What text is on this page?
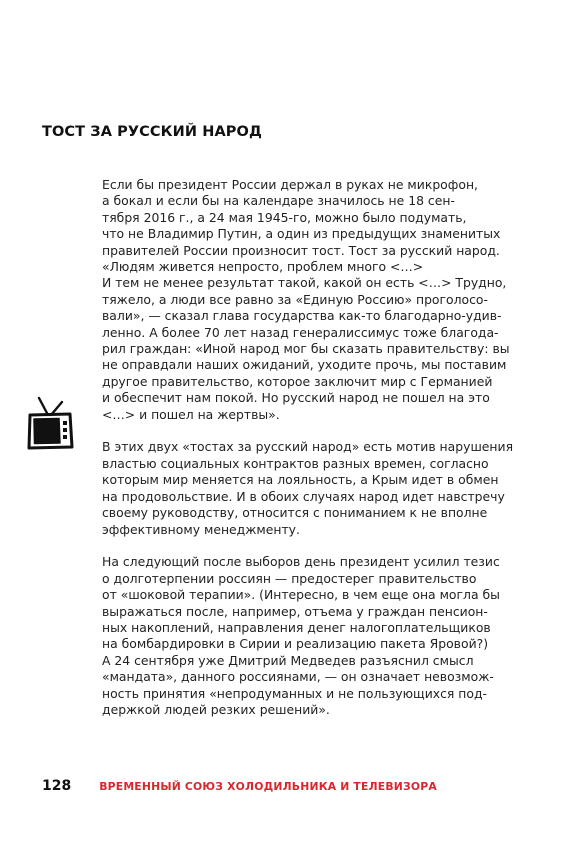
ТОСТ ЗА РУССКИЙ НАРОД

Если бы президент России держал в руках не микрофон,
а бокал и если бы на календаре значилось не 18 сен-
тября 2016 г., а 24 мая 1945-го, можно было подумать,
что не Владимир Путин, а один из предыдущих знаменитых
правителей России произносит тост. Тост за русский народ.
«Людям живется непросто, проблем много <…>
И тем не менее результат такой, какой он есть <…> Трудно,
тяжело, а люди все равно за «Единую Россию» проголосо-
вали», — сказал глава государства как-то благодарно-удив-
ленно. А более 70 лет назад генералиссимус тоже благода-
рил граждан: «Иной народ мог бы сказать правительству: вы
не оправдали наших ожиданий, уходите прочь, мы поставим
другое правительство, которое заключит мир с Германией
и обеспечит нам покой. Но русский народ не пошел на это
<…> и пошел на жертвы».

В этих двух «тостах за русский народ» есть мотив нарушения
властью социальных контрактов разных времен, согласно
которым мир меняется на лояльность, а Крым идет в обмен
на продовольствие. И в обоих случаях народ идет навстречу
своему руководству, относится с пониманием к не вполне
эффективному менеджменту.

На следующий после выборов день президент усилил тезис
о долготерпении россиян — предостерег правительство
от «шоковой терапии». (Интересно, в чем еще она могла бы
выражаться после, например, отъема у граждан пенсион-
ных накоплений, направления денег налогоплательщиков
на бомбардировки в Сирии и реализацию пакета Яровой?)
А 24 сентября уже Дмитрий Медведев разъяснил смысл
«мандата», данного россиянами, — он означает невозмож-
ность принятия «непродуманных и не пользующихся под-
держкой людей резких решений».

128	ВРЕМЕННЫЙ СОЮЗ ХОЛОДИЛЬНИКА И ТЕЛЕВИЗОРА
